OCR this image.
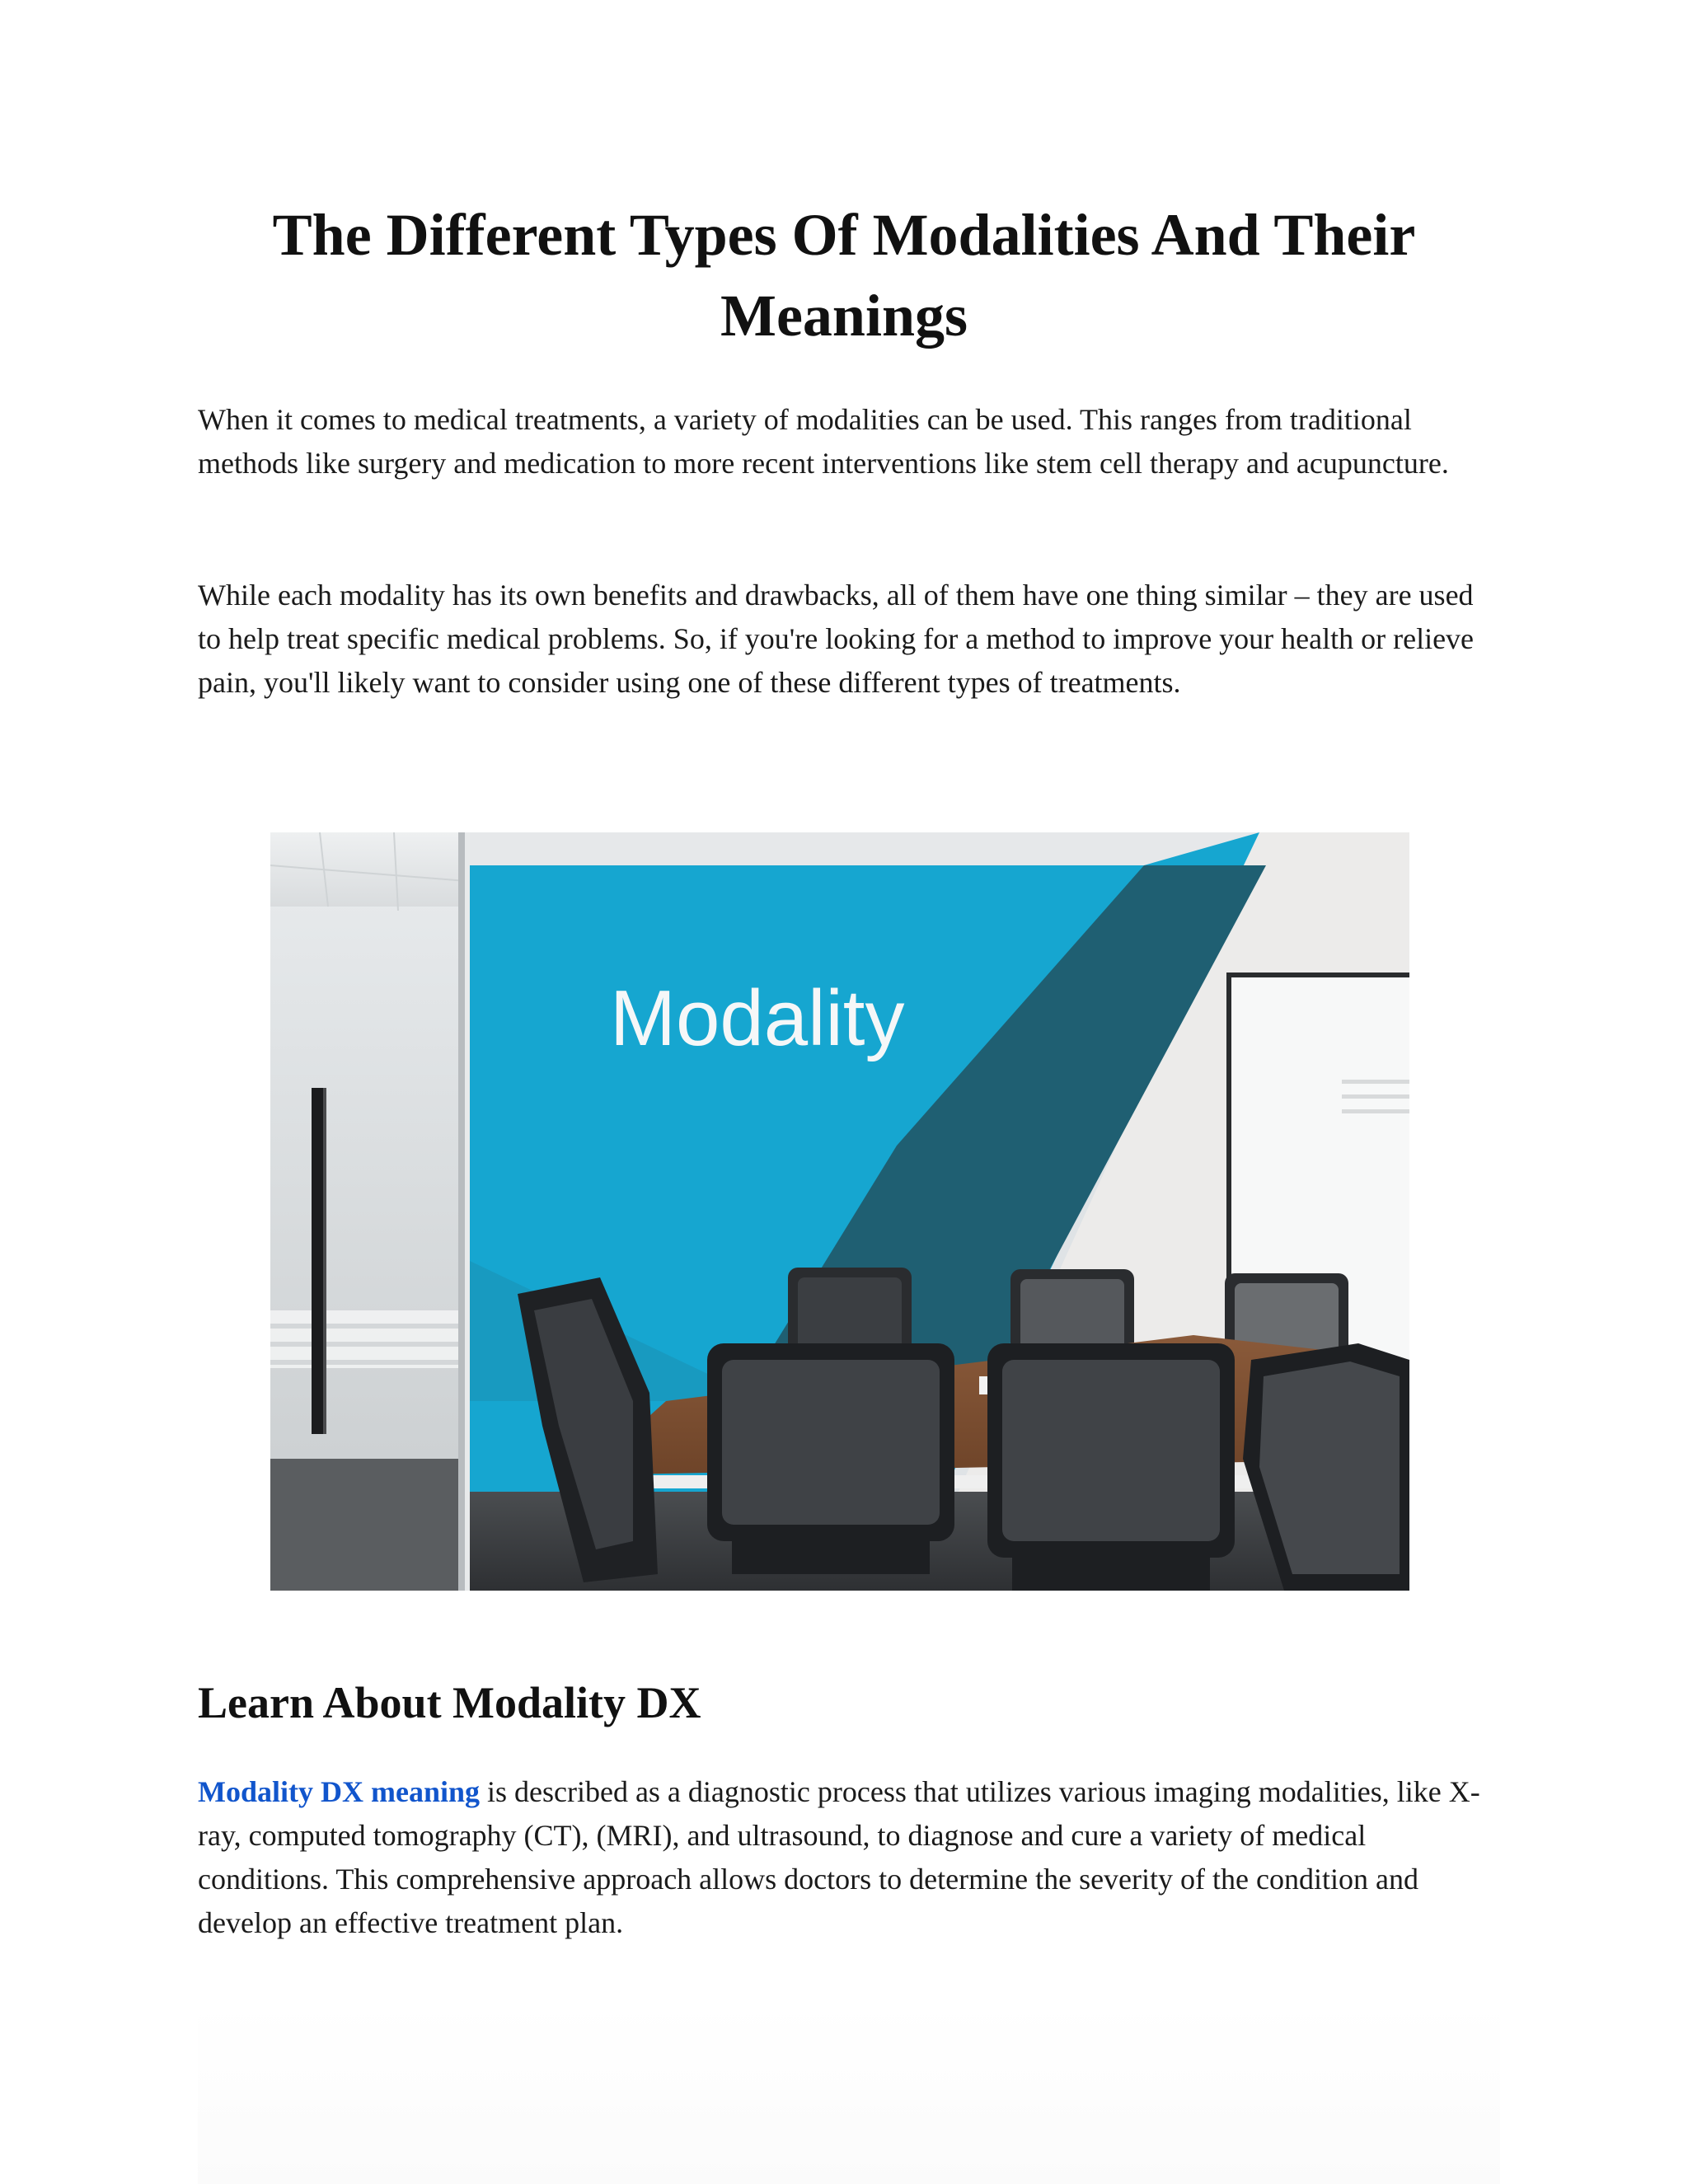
The Different Types Of Modalities And Their Meanings

When it comes to medical treatments, a variety of modalities can be used. This ranges from traditional methods like surgery and medication to more recent interventions like stem cell therapy and acupuncture.

While each modality has its own benefits and drawbacks, all of them have one thing similar – they are used to help treat specific medical problems. So, if you're looking for a method to improve your health or relieve pain, you'll likely want to consider using one of these different types of treatments.

Modality
Learn About Modality DX

Modality DX meaning is described as a diagnostic process that utilizes various imaging modalities, like X-ray, computed tomography (CT), (MRI), and ultrasound, to diagnose and cure a variety of medical conditions. This comprehensive approach allows doctors to determine the severity of the condition and develop an effective treatment plan.
